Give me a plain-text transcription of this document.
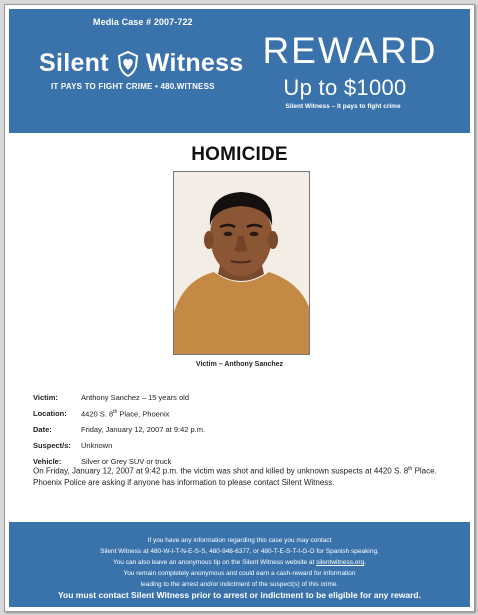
Media Case # 2007-722
Silent Witness
IT PAYS TO FIGHT CRIME • 480.WITNESS
REWARD
Up to $1000
Silent Witness – It pays to fight crime
HOMICIDE
Victim – Anthony Sanchez
Victim:	Anthony Sanchez – 15 years old
Location: 4420 S. 8th Place, Phoenix
Date:	Friday, January 12, 2007 at 9:42 p.m.
Suspect/s: Unknown
Vehicle:	Silver or Grey SUV or truck
On Friday, January 12, 2007 at 9:42 p.m. the victim was shot and killed by unknown suspects at 4420 S. 8th Place. Phoenix Police are asking if anyone has information to please contact Silent Witness.
If you have any information regarding this case you may contact
Silent Witness at 480-W-I-T-N-E-S-S, 480-948-6377, or 480-T-E-S-T-I-G-O for Spanish speaking.
You can also leave an anonymous tip on the Silent Witness website at silentwitness.org.
You remain completely anonymous and could earn a cash-reward for information
leading to the arrest and/or indictment of the suspect(s) of this crime.
You must contact Silent Witness prior to arrest or indictment to be eligible for any reward.
